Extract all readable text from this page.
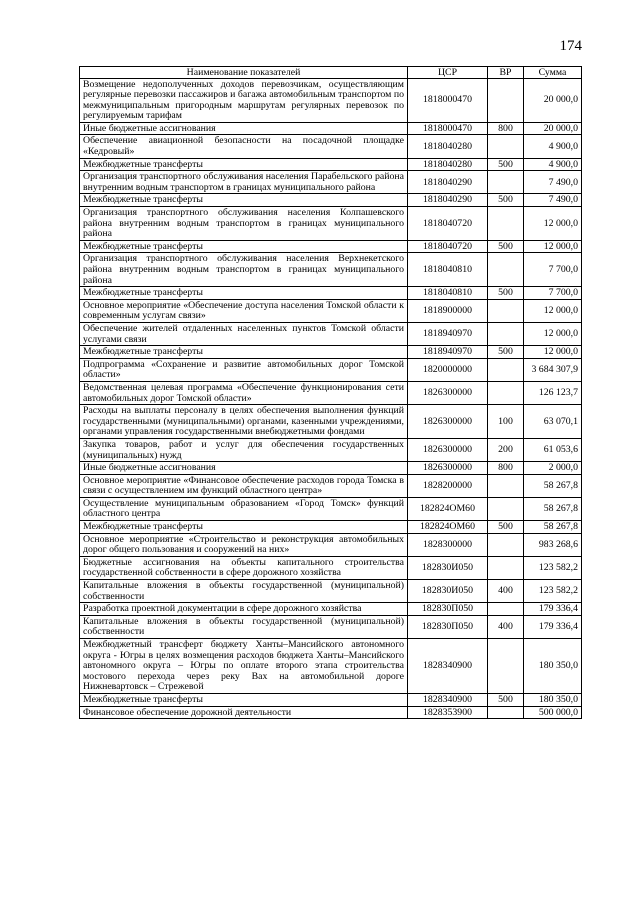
174
Наименование показателей	ЦСР	ВР	Сумма
Возмещение недополученных доходов перевозчикам, осуществляющим регулярные перевозки пассажиров и багажа автомобильным транспортом по межмуниципальным пригородным маршрутам регулярных перевозок по регулируемым тарифам	1818000470		20 000,0
Иные бюджетные ассигнования	1818000470	800	20 000,0
Обеспечение авиационной безопасности на посадочной площадке «Кедровый»	1818040280		4 900,0
Межбюджетные трансферты	1818040280	500	4 900,0
Организация транспортного обслуживания населения Парабельского района внутренним водным транспортом в границах муниципального района	1818040290		7 490,0
Межбюджетные трансферты	1818040290	500	7 490,0
Организация транспортного обслуживания населения Колпашевского района внутренним водным транспортом в границах муниципального района	1818040720		12 000,0
Межбюджетные трансферты	1818040720	500	12 000,0
Организация транспортного обслуживания населения Верхнекетского района внутренним водным транспортом в границах муниципального района	1818040810		7 700,0
Межбюджетные трансферты	1818040810	500	7 700,0
Основное мероприятие «Обеспечение доступа населения Томской области к современным услугам связи»	1818900000		12 000,0
Обеспечение жителей отдаленных населенных пунктов Томской области услугами связи	1818940970		12 000,0
Межбюджетные трансферты	1818940970	500	12 000,0
Подпрограмма «Сохранение и развитие автомобильных дорог Томской области»	1820000000		3 684 307,9
Ведомственная целевая программа «Обеспечение функционирования сети автомобильных дорог Томской области»	1826300000		126 123,7
Расходы на выплаты персоналу в целях обеспечения выполнения функций государственными (муниципальными) органами, казенными учреждениями, органами управления государственными внебюджетными фондами	1826300000	100	63 070,1
Закупка товаров, работ и услуг для обеспечения государственных (муниципальных) нужд	1826300000	200	61 053,6
Иные бюджетные ассигнования	1826300000	800	2 000,0
Основное мероприятие «Финансовое обеспечение расходов города Томска в связи с осуществлением им функций областного центра»	1828200000		58 267,8
Осуществление муниципальным образованием «Город Томск» функций областного центра	182824ОМ60		58 267,8
Межбюджетные трансферты	182824ОМ60	500	58 267,8
Основное мероприятие «Строительство и реконструкция автомобильных дорог общего пользования и сооружений на них»	1828300000		983 268,6
Бюджетные ассигнования на объекты капитального строительства государственной собственности в сфере дорожного хозяйства	182830И050		123 582,2
Капитальные вложения в объекты государственной (муниципальной) собственности	182830И050	400	123 582,2
Разработка проектной документации в сфере дорожного хозяйства	182830П050		179 336,4
Капитальные вложения в объекты государственной (муниципальной) собственности	182830П050	400	179 336,4
Межбюджетный трансферт бюджету Ханты–Мансийского автономного округа - Югры в целях возмещения расходов бюджета Ханты–Мансийского автономного округа – Югры по оплате второго этапа строительства мостового перехода через реку Вах на автомобильной дороге Нижневартовск – Стрежевой	1828340900		180 350,0
Межбюджетные трансферты	1828340900	500	180 350,0
Финансовое обеспечение дорожной деятельности	1828353900		500 000,0
